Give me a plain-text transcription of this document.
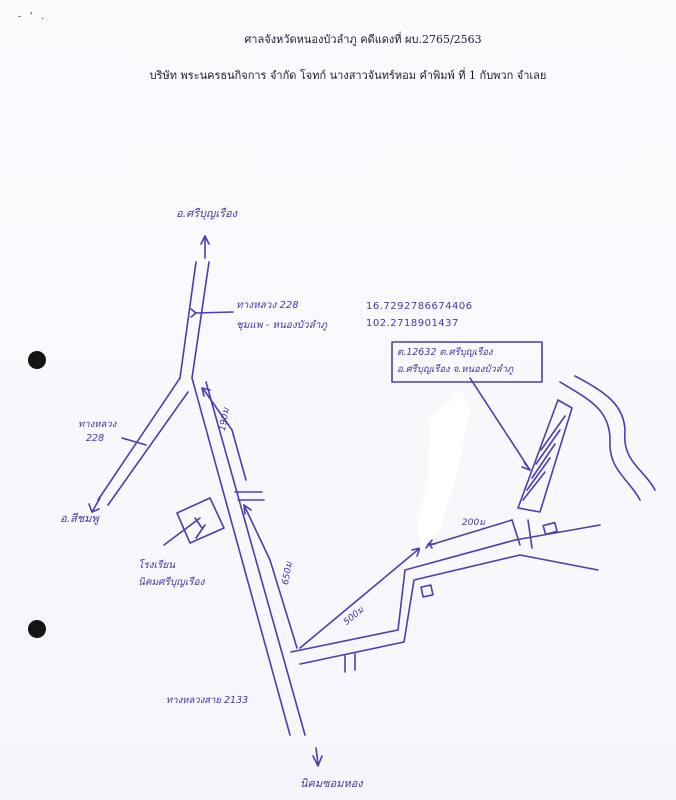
- ' .
ศาลจังหวัดหนองบัวลำภู คดีแดงที่ ผบ.2765/2563
บริษัท พระนครธนกิจการ จำกัด โจทก์ นางสาวจันทร์หอม คำพิมพ์ ที่ 1 กับพวก จำเลย
อ.ศรีบุญเรือง
ทางหลวง 228
ชุมแพ - หนองบัวลำภู
16.7292786674406
102.2718901437
ต.12632 ต.ศรีบุญเรือง
อ.ศรีบุญเรือง จ.หนองบัวลำภู
ทางหลวง
228
อ.สีชมพู
190ม
650ม
500ม
200ม
โรงเรียน
นิคมศรีบุญเรือง
ทางหลวงสาย 2133
นิคมซอมหอง
